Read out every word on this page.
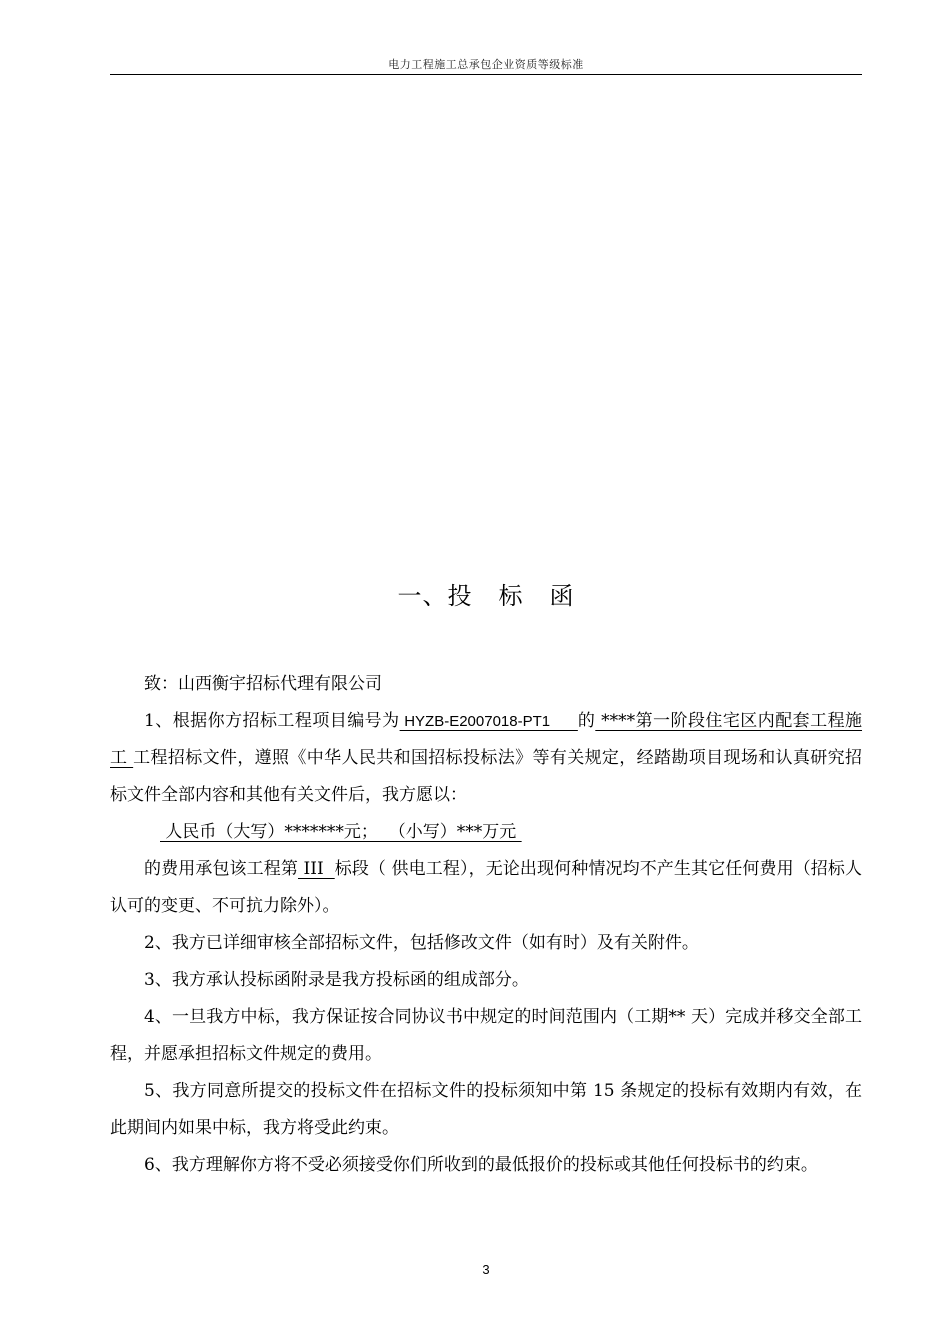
电力工程施工总承包企业资质等级标准
一、投 标 函

致：山西衡宇招标代理有限公司

1、根据你方招标工程项目编号为 HYZB-E2007018-PT1      的 ****第一阶段住宅区内配套工程施工 工程招标文件，遵照《中华人民共和国招标投标法》等有关规定，经踏勘项目现场和认真研究招标文件全部内容和其他有关文件后，我方愿以：

人民币（大写）*******元；  （小写）***万元

的费用承包该工程第 III  标段（ 供电工程），无论出现何种情况均不产生其它任何费用（招标人认可的变更、不可抗力除外）。

2、我方已详细审核全部招标文件，包括修改文件（如有时）及有关附件。

3、我方承认投标函附录是我方投标函的组成部分。

4、一旦我方中标，我方保证按合同协议书中规定的时间范围内（工期** 天）完成并移交全部工程，并愿承担招标文件规定的费用。

5、我方同意所提交的投标文件在招标文件的投标须知中第 15 条规定的投标有效期内有效，在此期间内如果中标，我方将受此约束。

6、我方理解你方将不受必须接受你们所收到的最低报价的投标或其他任何投标书的约束。

3
